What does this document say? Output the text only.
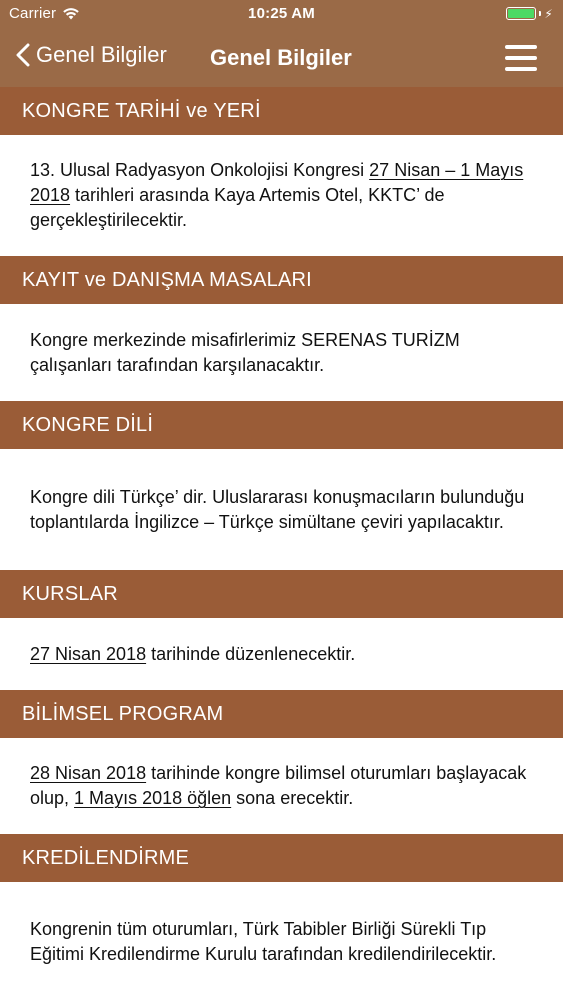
Carrier	10:25 AM	⚡
Genel Bilgiler Genel Bilgiler
KONGRE TARİHİ ve YERİ
13. Ulusal Radyasyon Onkolojisi Kongresi 27 Nisan – 1 Mayıs 2018 tarihleri arasında Kaya Artemis Otel, KKTC’ de gerçekleştirilecektir.
KAYIT ve DANIŞMA MASALARI
Kongre merkezinde misafirlerimiz SERENAS TURİZM çalışanları tarafından karşılanacaktır.
KONGRE DİLİ
Kongre dili Türkçe’ dir. Uluslararası konuşmacıların bulunduğu toplantılarda İngilizce – Türkçe simültane çeviri yapılacaktır.
KURSLAR
27 Nisan 2018 tarihinde düzenlenecektir.
BİLİMSEL PROGRAM
28 Nisan 2018 tarihinde kongre bilimsel oturumları başlayacak olup, 1 Mayıs 2018 öğlen sona erecektir.
KREDİLENDİRME
Kongrenin tüm oturumları, Türk Tabibler Birliği Sürekli Tıp Eğitimi Kredilendirme Kurulu tarafından kredilendirilecektir.
